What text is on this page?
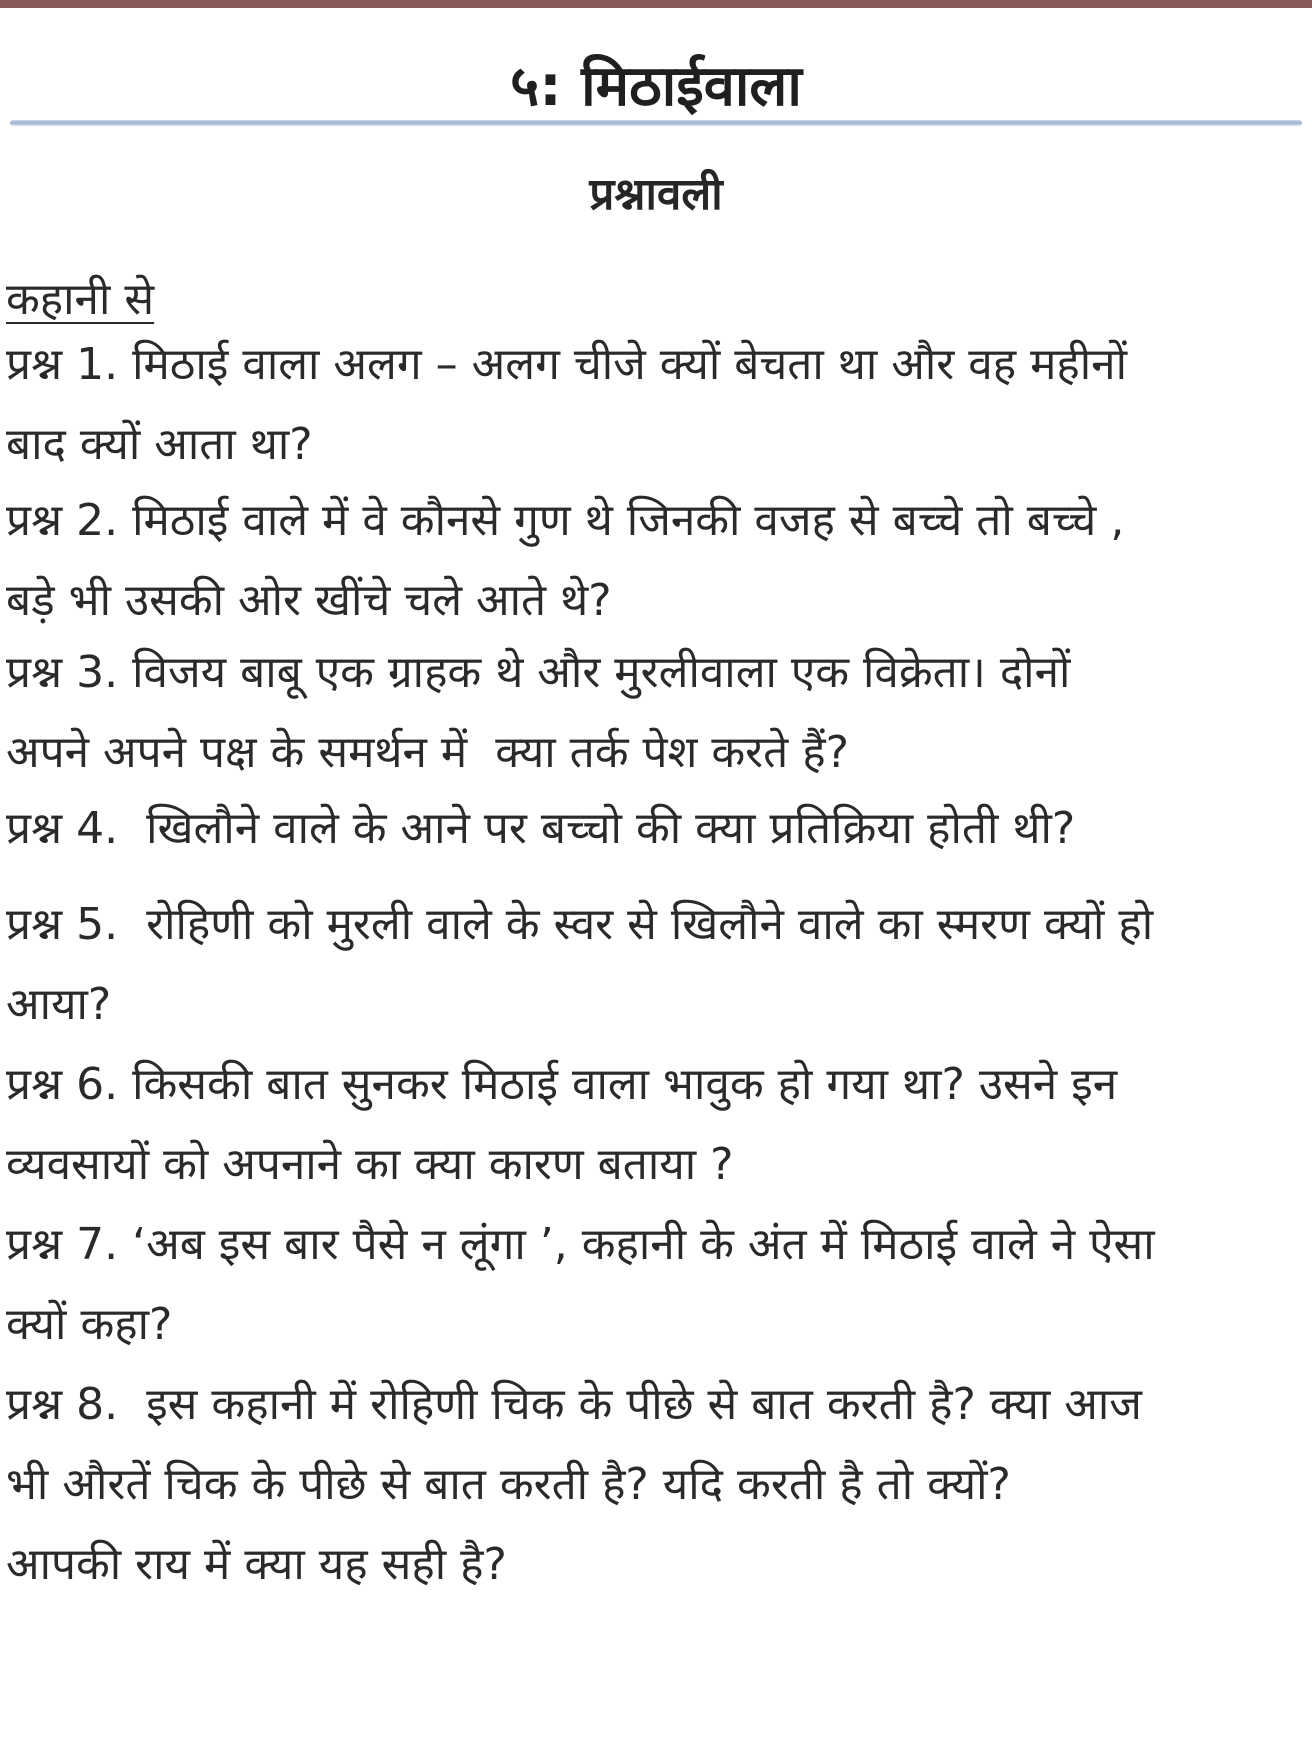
५: मिठाईवाला
प्रश्नावली
कहानी से
प्रश्न 1. मिठाई वाला अलग – अलग चीजे क्यों बेचता था और वह महीनों
बाद क्यों आता था?
प्रश्न 2. मिठाई वाले में वे कौनसे गुण थे जिनकी वजह से बच्चे तो बच्चे ,
बड़े भी उसकी ओर खींचे चले आते थे?
प्रश्न 3. विजय बाबू एक ग्राहक थे और मुरलीवाला एक विक्रेता। दोनों
अपने अपने पक्ष के समर्थन में  क्या तर्क पेश करते हैं?
प्रश्न 4.  खिलौने वाले के आने पर बच्चो की क्या प्रतिक्रिया होती थी?
प्रश्न 5.  रोहिणी को मुरली वाले के स्वर से खिलौने वाले का स्मरण क्यों हो
आया?
प्रश्न 6. किसकी बात सुनकर मिठाई वाला भावुक हो गया था? उसने इन
व्यवसायों को अपनाने का क्या कारण बताया ?
प्रश्न 7. ‘अब इस बार पैसे न लूंगा ’, कहानी के अंत में मिठाई वाले ने ऐसा
क्यों कहा?
प्रश्न 8.  इस कहानी में रोहिणी चिक के पीछे से बात करती है? क्या आज
भी औरतें चिक के पीछे से बात करती है? यदि करती है तो क्यों?
आपकी राय में क्या यह सही है?
